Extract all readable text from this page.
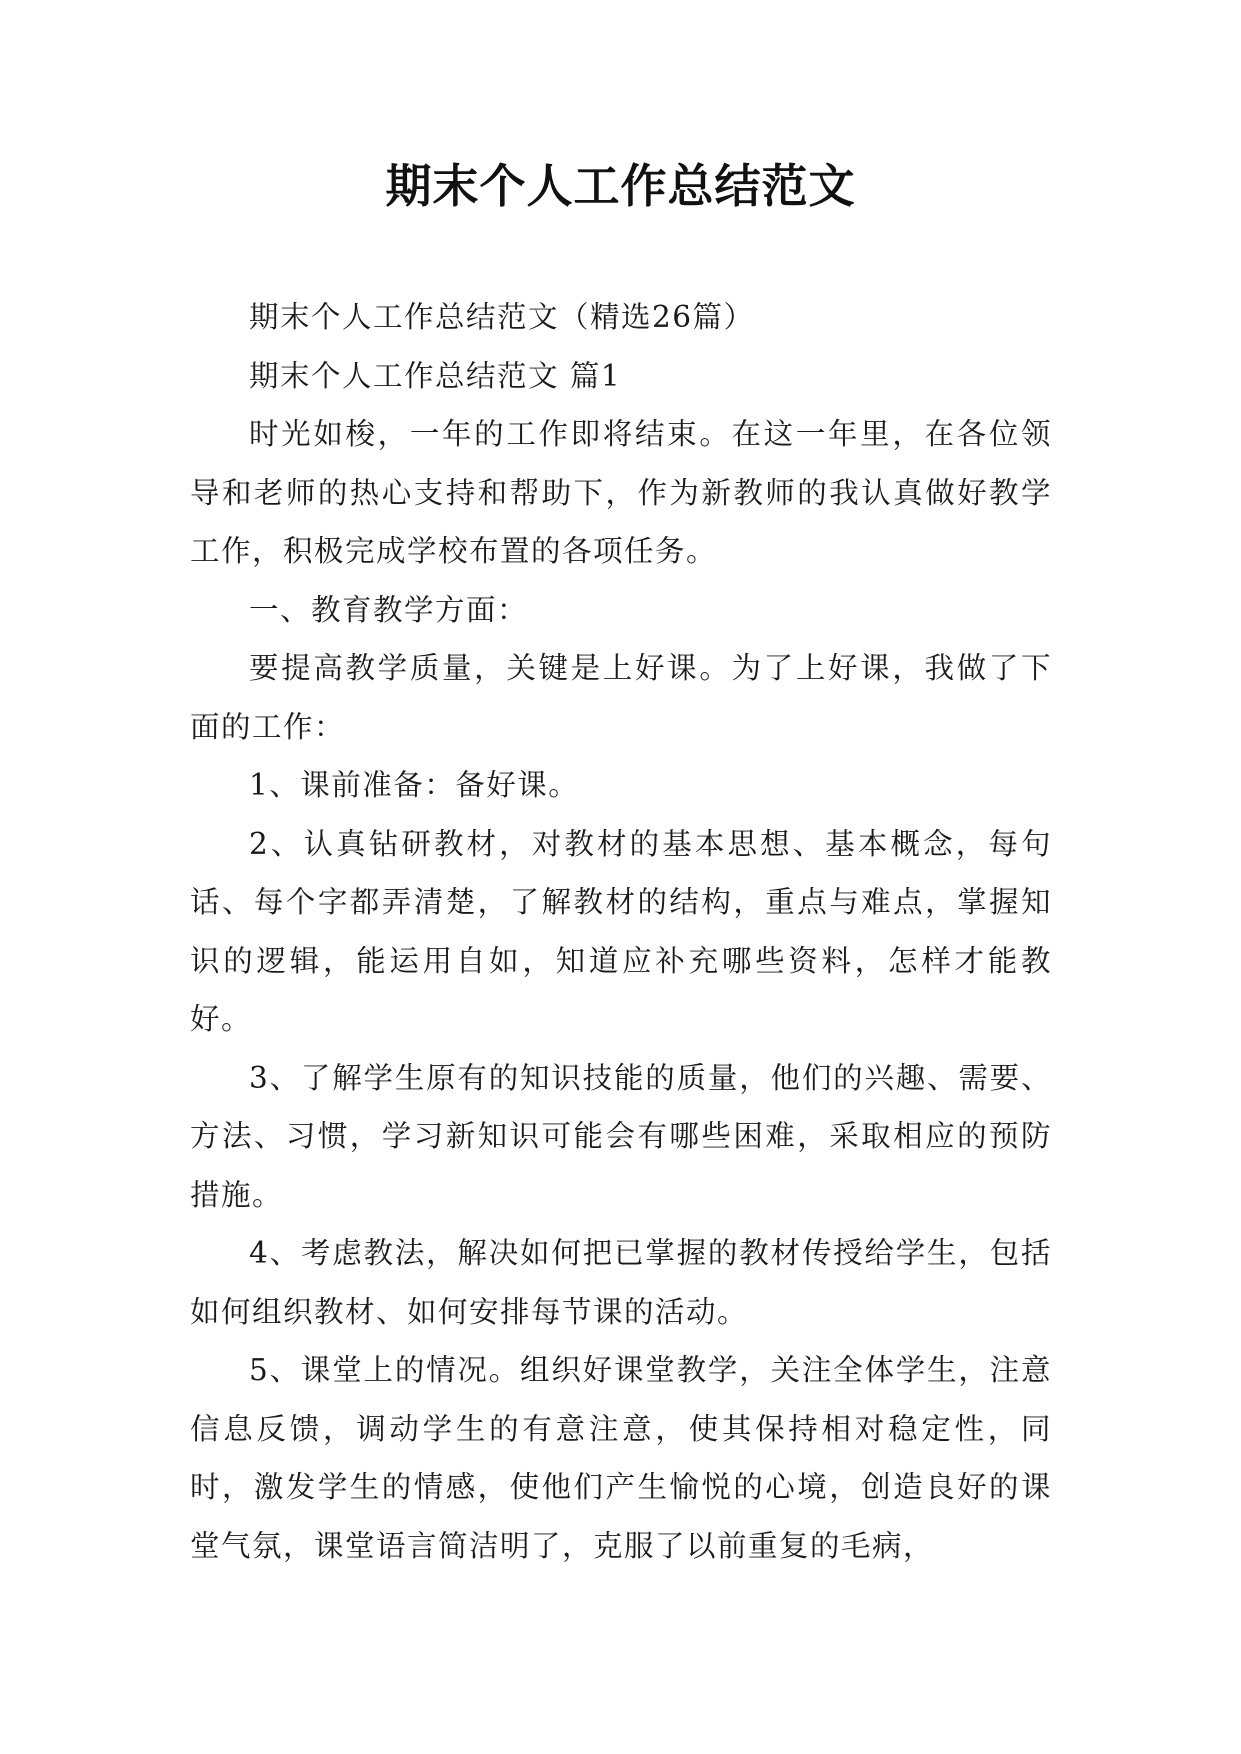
期末个人工作总结范文

期末个人工作总结范文（精选26篇）

期末个人工作总结范文 篇1

时光如梭，一年的工作即将结束。在这一年里，在各位领导和老师的热心支持和帮助下，作为新教师的我认真做好教学工作，积极完成学校布置的各项任务。

一、教育教学方面：

要提高教学质量，关键是上好课。为了上好课，我做了下面的工作：

1、课前准备：备好课。

2、认真钻研教材，对教材的基本思想、基本概念，每句话、每个字都弄清楚，了解教材的结构，重点与难点，掌握知识的逻辑，能运用自如，知道应补充哪些资料，怎样才能教好。

3、了解学生原有的知识技能的质量，他们的兴趣、需要、方法、习惯，学习新知识可能会有哪些困难，采取相应的预防措施。

4、考虑教法，解决如何把已掌握的教材传授给学生，包括如何组织教材、如何安排每节课的活动。

5、课堂上的情况。组织好课堂教学，关注全体学生，注意信息反馈，调动学生的有意注意，使其保持相对稳定性，同时，激发学生的情感，使他们产生愉悦的心境，创造良好的课堂气氛，课堂语言简洁明了，克服了以前重复的毛病，
